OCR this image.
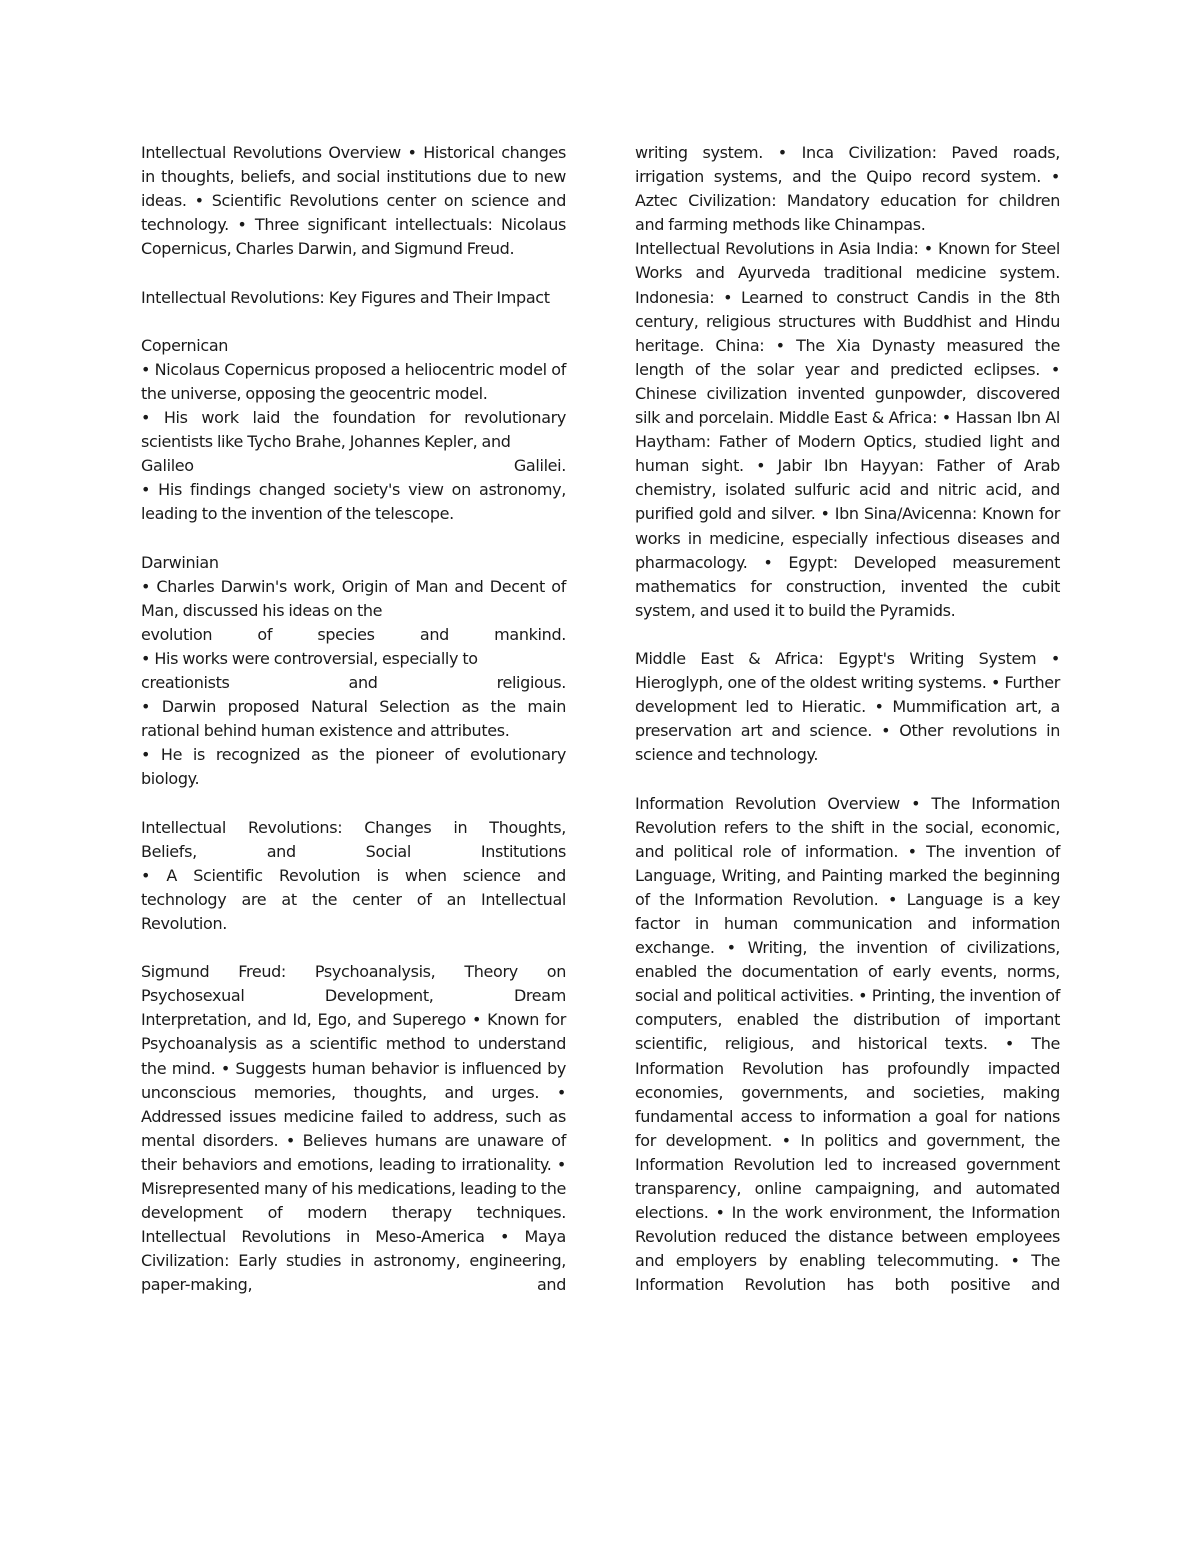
Intellectual Revolutions Overview • Historical changes in thoughts, beliefs, and social institutions due to new ideas. • Scientific Revolutions center on science and technology. • Three significant intellectuals: Nicolaus Copernicus, Charles Darwin, and Sigmund Freud.

Intellectual Revolutions: Key Figures and Their Impact

Copernican
• Nicolaus Copernicus proposed a heliocentric model of the universe, opposing the geocentric model.
• His work laid the foundation for revolutionary scientists like Tycho Brahe, Johannes Kepler, and
Galileo Galilei.
• His findings changed society's view on astronomy, leading to the invention of the telescope.
Darwinian
• Charles Darwin's work, Origin of Man and Decent of Man, discussed his ideas on the
evolution of species and mankind.
• His works were controversial, especially to
creationists and religious.
• Darwin proposed Natural Selection as the main rational behind human existence and attributes.
• He is recognized as the pioneer of evolutionary biology.
Intellectual Revolutions: Changes in Thoughts,
Beliefs, and Social Institutions
• A Scientific Revolution is when science and technology are at the center of an Intellectual Revolution.
Sigmund Freud: Psychoanalysis, Theory on
Psychosexual Development, Dream
Interpretation, and Id, Ego, and Superego • Known for Psychoanalysis as a scientific method to understand the mind. • Suggests human behavior is influenced by unconscious memories, thoughts, and urges. • Addressed issues medicine failed to address, such as mental disorders. • Believes humans are unaware of their behaviors and emotions, leading to irrationality. • Misrepresented many of his medications, leading to the development of modern therapy techniques. Intellectual Revolutions in Meso-America • Maya Civilization: Early studies in astronomy, engineering, paper-making, and

writing system. • Inca Civilization: Paved roads, irrigation systems, and the Quipo record system. • Aztec Civilization: Mandatory education for children and farming methods like Chinampas.

Intellectual Revolutions in Asia India: • Known for Steel Works and Ayurveda traditional medicine system. Indonesia: • Learned to construct Candis in the 8th century, religious structures with Buddhist and Hindu heritage. China: • The Xia Dynasty measured the length of the solar year and predicted eclipses. • Chinese civilization invented gunpowder, discovered silk and porcelain. Middle East & Africa: • Hassan Ibn Al Haytham: Father of Modern Optics, studied light and human sight. • Jabir Ibn Hayyan: Father of Arab chemistry, isolated sulfuric acid and nitric acid, and purified gold and silver. • Ibn Sina/Avicenna: Known for works in medicine, especially infectious diseases and pharmacology. • Egypt: Developed measurement mathematics for construction, invented the cubit system, and used it to build the Pyramids.

Middle East & Africa: Egypt's Writing System • Hieroglyph, one of the oldest writing systems. • Further development led to Hieratic. • Mummification art, a preservation art and science. • Other revolutions in science and technology.

Information Revolution Overview • The Information Revolution refers to the shift in the social, economic, and political role of information. • The invention of Language, Writing, and Painting marked the beginning of the Information Revolution. • Language is a key factor in human communication and information exchange. • Writing, the invention of civilizations, enabled the documentation of early events, norms, social and political activities. • Printing, the invention of computers, enabled the distribution of important scientific, religious, and historical texts. • The Information Revolution has profoundly impacted economies, governments, and societies, making fundamental access to information a goal for nations for development. • In politics and government, the Information Revolution led to increased government transparency, online campaigning, and automated elections. • In the work environment, the Information Revolution reduced the distance between employees and employers by enabling telecommuting. • The Information Revolution has both positive and
